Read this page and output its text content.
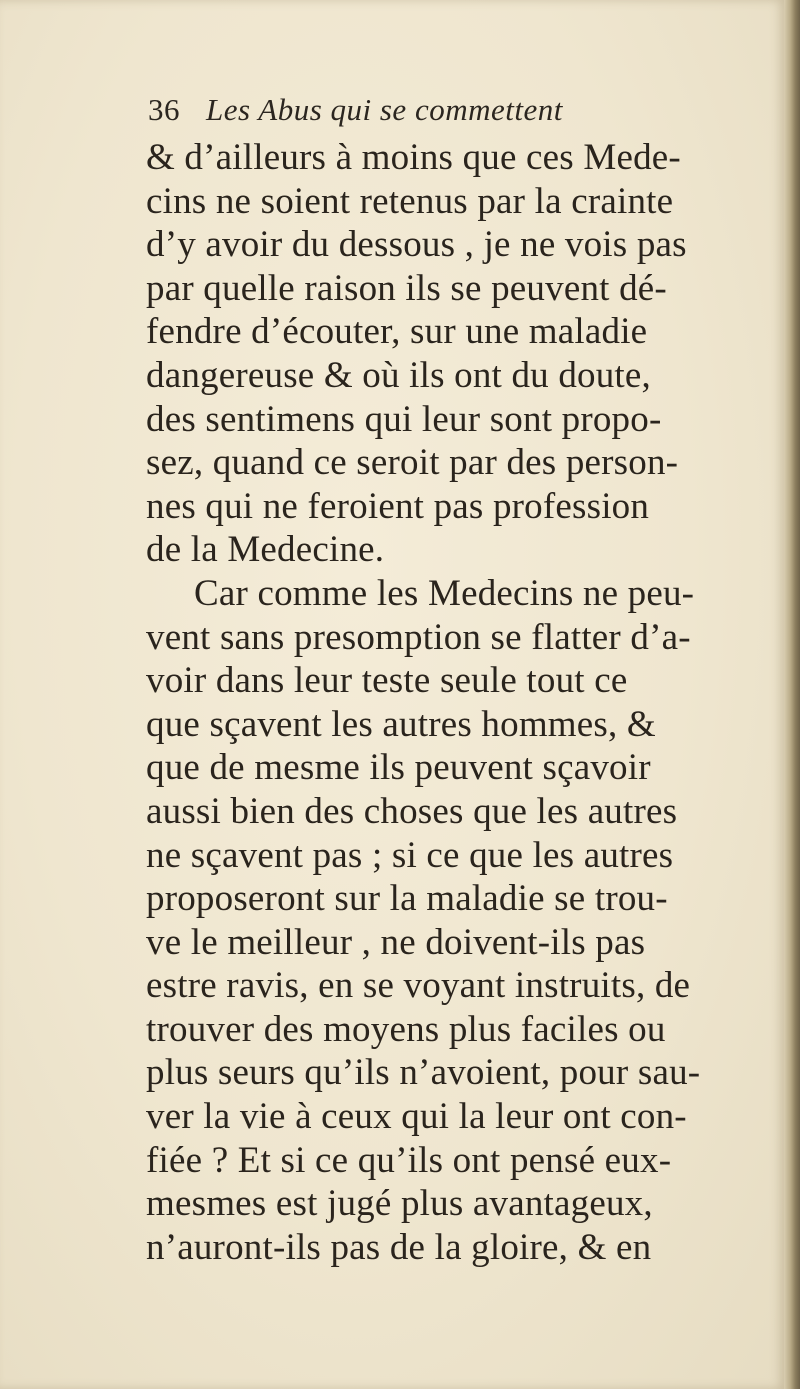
36 Les Abus qui se commettent
& d’ailleurs à moins que ces Mede-
cins ne soient retenus par la crainte
d’y avoir du dessous , je ne vois pas
par quelle raison ils se peuvent dé-
fendre d’écouter, sur une maladie
dangereuse & où ils ont du doute,
des sentimens qui leur sont propo-
sez, quand ce seroit par des person-
nes qui ne feroient pas profession
de la Medecine.
Car comme les Medecins ne peu-
vent sans presomption se flatter d’a-
voir dans leur teste seule tout ce
que sçavent les autres hommes, &
que de mesme ils peuvent sçavoir
aussi bien des choses que les autres
ne sçavent pas ; si ce que les autres
proposeront sur la maladie se trou-
ve le meilleur , ne doivent-ils pas
estre ravis, en se voyant instruits, de
trouver des moyens plus faciles ou
plus seurs qu’ils n’avoient, pour sau-
ver la vie à ceux qui la leur ont con-
fiée ? Et si ce qu’ils ont pensé eux-
mesmes est jugé plus avantageux,
n’auront-ils pas de la gloire, & en
